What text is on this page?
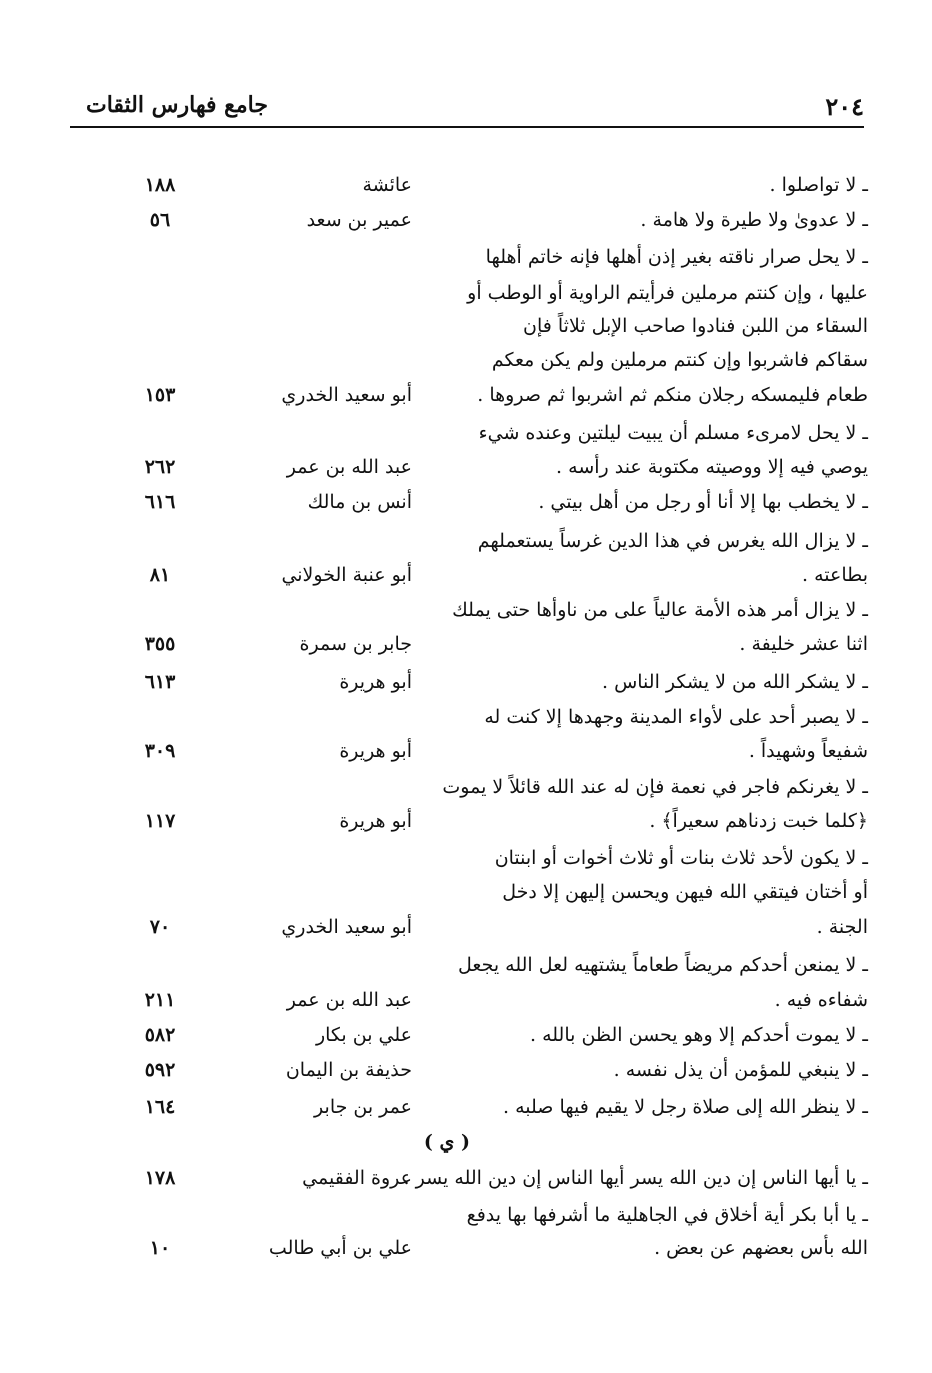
٢٠٤
جامع فهارس الثقات
ـ لا تواصلوا .
عائشة
١٨٨
ـ لا عدوىٰ ولا طيرة ولا هامة .
عمير بن سعد
٥٦
ـ لا يحل صرار ناقته بغير إذن أهلها فإنه خاتم أهلها
عليها ، وإن كنتم مرملين فرأيتم الراوية أو الوطب أو
السقاء من اللبن فنادوا صاحب الإبل ثلاثاً فإن
سقاكم فاشربوا وإن كنتم مرملين ولم يكن معكم
طعام فليمسكه رجلان منكم ثم اشربوا ثم صروها .
أبو سعيد الخدري
١٥٣
ـ لا يحل لامرىء مسلم أن يبيت ليلتين وعنده شيء
يوصي فيه إلا ووصيته مكتوبة عند رأسه .
عبد الله بن عمر
٢٦٢
ـ لا يخطب بها إلا أنا أو رجل من أهل بيتي .
أنس بن مالك
٦١٦
ـ لا يزال الله يغرس في هذا الدين غرساً يستعملهم
بطاعته .
أبو عنبة الخولاني
٨١
ـ لا يزال أمر هذه الأمة عالياً على من ناوأها حتى يملك
اثنا عشر خليفة .
جابر بن سمرة
٣٥٥
ـ لا يشكر الله من لا يشكر الناس .
أبو هريرة
٦١٣
ـ لا يصبر أحد على لأواء المدينة وجهدها إلا كنت له
شفيعاً وشهيداً .
أبو هريرة
٣٠٩
ـ لا يغرنكم فاجر في نعمة فإن له عند الله قائلاً لا يموت
﴿كلما خبت زدناهم سعيراً﴾ .
أبو هريرة
١١٧
ـ لا يكون لأحد ثلاث بنات أو ثلاث أخوات أو ابنتان
أو أختان فيتقي الله فيهن ويحسن إليهن إلا دخل
الجنة .
أبو سعيد الخدري
٧٠
ـ لا يمنعن أحدكم مريضاً طعاماً يشتهيه لعل الله يجعل
شفاءه فيه .
عبد الله بن عمر
٢١١
ـ لا يموت أحدكم إلا وهو يحسن الظن بالله .
علي بن بكار
٥٨٢
ـ لا ينبغي للمؤمن أن يذل نفسه .
حذيفة بن اليمان
٥٩٢
ـ لا ينظر الله إلى صلاة رجل لا يقيم فيها صلبه .
عمر بن جابر
١٦٤
( ي )
ـ يا أيها الناس إن دين الله يسر أيها الناس إن دين الله يسر .
عروة الفقيمي
١٧٨
ـ يا أبا بكر أية أخلاق في الجاهلية ما أشرفها بها يدفع
الله بأس بعضهم عن بعض .
علي بن أبي طالب
١٠
